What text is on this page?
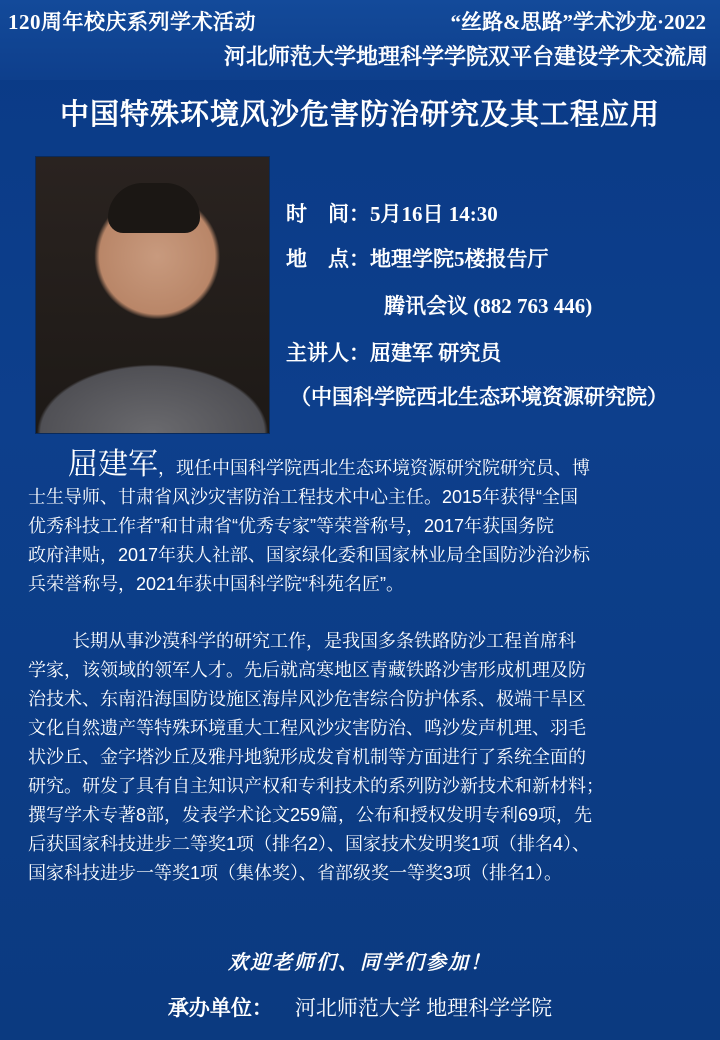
120周年校庆系列学术活动	“丝路&思路”学术沙龙·2022
河北师范大学地理科学学院双平台建设学术交流周
中国特殊环境风沙危害防治研究及其工程应用
时　间：5月16日 14:30
地　点：地理学院5楼报告厅
腾讯会议 (882 763 446)
主讲人：屈建军 研究员
（中国科学院西北生态环境资源研究院）
屈建军，现任中国科学院西北生态环境资源研究院研究员、博
士生导师、甘肃省风沙灾害防治工程技术中心主任。2015年获得“全国
优秀科技工作者”和甘肃省“优秀专家”等荣誉称号，2017年获国务院
政府津贴，2017年获人社部、国家绿化委和国家林业局全国防沙治沙标
兵荣誉称号，2021年获中国科学院“科苑名匠”。
长期从事沙漠科学的研究工作，是我国多条铁路防沙工程首席科
学家，该领域的领军人才。先后就高寒地区青藏铁路沙害形成机理及防
治技术、东南沿海国防设施区海岸风沙危害综合防护体系、极端干旱区
文化自然遗产等特殊环境重大工程风沙灾害防治、鸣沙发声机理、羽毛
状沙丘、金字塔沙丘及雅丹地貌形成发育机制等方面进行了系统全面的
研究。研发了具有自主知识产权和专利技术的系列防沙新技术和新材料；
撰写学术专著8部，发表学术论文259篇，公布和授权发明专利69项，先
后获国家科技进步二等奖1项（排名2）、国家技术发明奖1项（排名4）、
国家科技进步一等奖1项（集体奖）、省部级奖一等奖3项（排名1）。
欢迎老师们、同学们参加！
承办单位： 河北师范大学 地理科学学院
